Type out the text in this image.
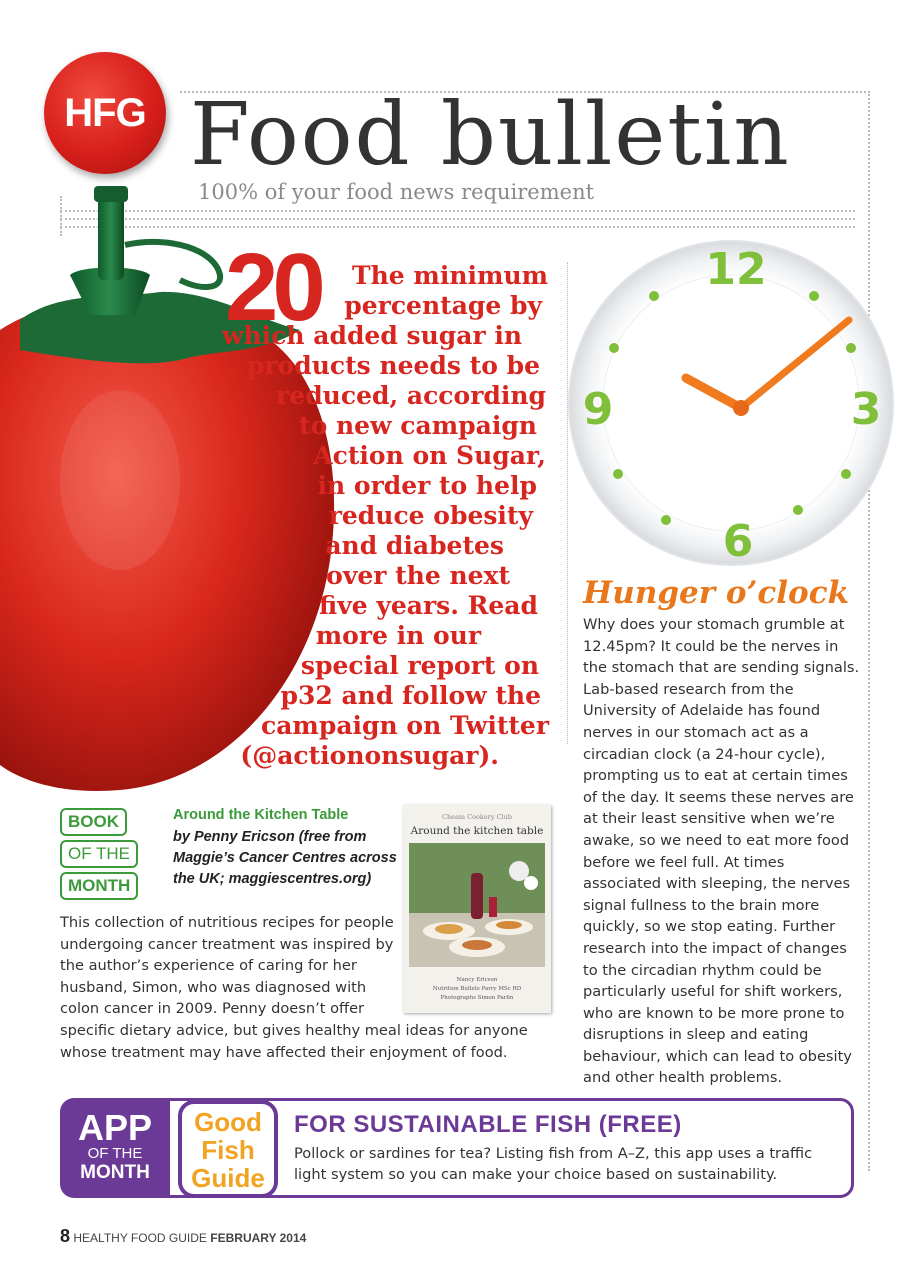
HFG Food bulletin
100% of your food news requirement
20 The minimum
percentage by
which added sugar in
products needs to be
reduced, according
to new campaign
Action on Sugar,
in order to help
reduce obesity
and diabetes
over the next
five years. Read
more in our
special report on
p32 and follow the
campaign on Twitter
(@actiononsugar).
12
3
6
9
Hunger o’clock
Why does your stomach grumble at 12.45pm? It could be the nerves in the stomach that are sending signals. Lab-based research from the University of Adelaide has found nerves in our stomach act as a circadian clock (a 24-hour cycle), prompting us to eat at certain times of the day. It seems these nerves are at their least sensitive when we’re awake, so we need to eat more food before we feel full. At times associated with sleeping, the nerves signal fullness to the brain more quickly, so we stop eating. Further research into the impact of changes to the circadian rhythm could be particularly useful for shift workers, who are known to be more prone to disruptions in sleep and eating behaviour, which can lead to obesity and other health problems.
BOOK
OF THE
MONTH
Around the Kitchen Table
by Penny Ericson (free from Maggie’s Cancer Centres across the UK; maggiescentres.org)
This collection of nutritious recipes for people undergoing cancer treatment was inspired by the author’s experience of caring for her husband, Simon, who was diagnosed with colon cancer in 2009. Penny doesn’t offer
specific dietary advice, but gives healthy meal ideas for anyone whose treatment may have affected their enjoyment of food.
Cheam Cookery Club
Around the kitchen table
Nancy Ericson
Nutrition Bullets Parry MSc RD
Photographs Simon Parlin
APP
OF THE
MONTH
Good
Fish
Guide
FOR SUSTAINABLE FISH (FREE)
Pollock or sardines for tea? Listing fish from A–Z, this app uses a traffic light system so you can make your choice based on sustainability.
8 HEALTHY FOOD GUIDE FEBRUARY 2014
